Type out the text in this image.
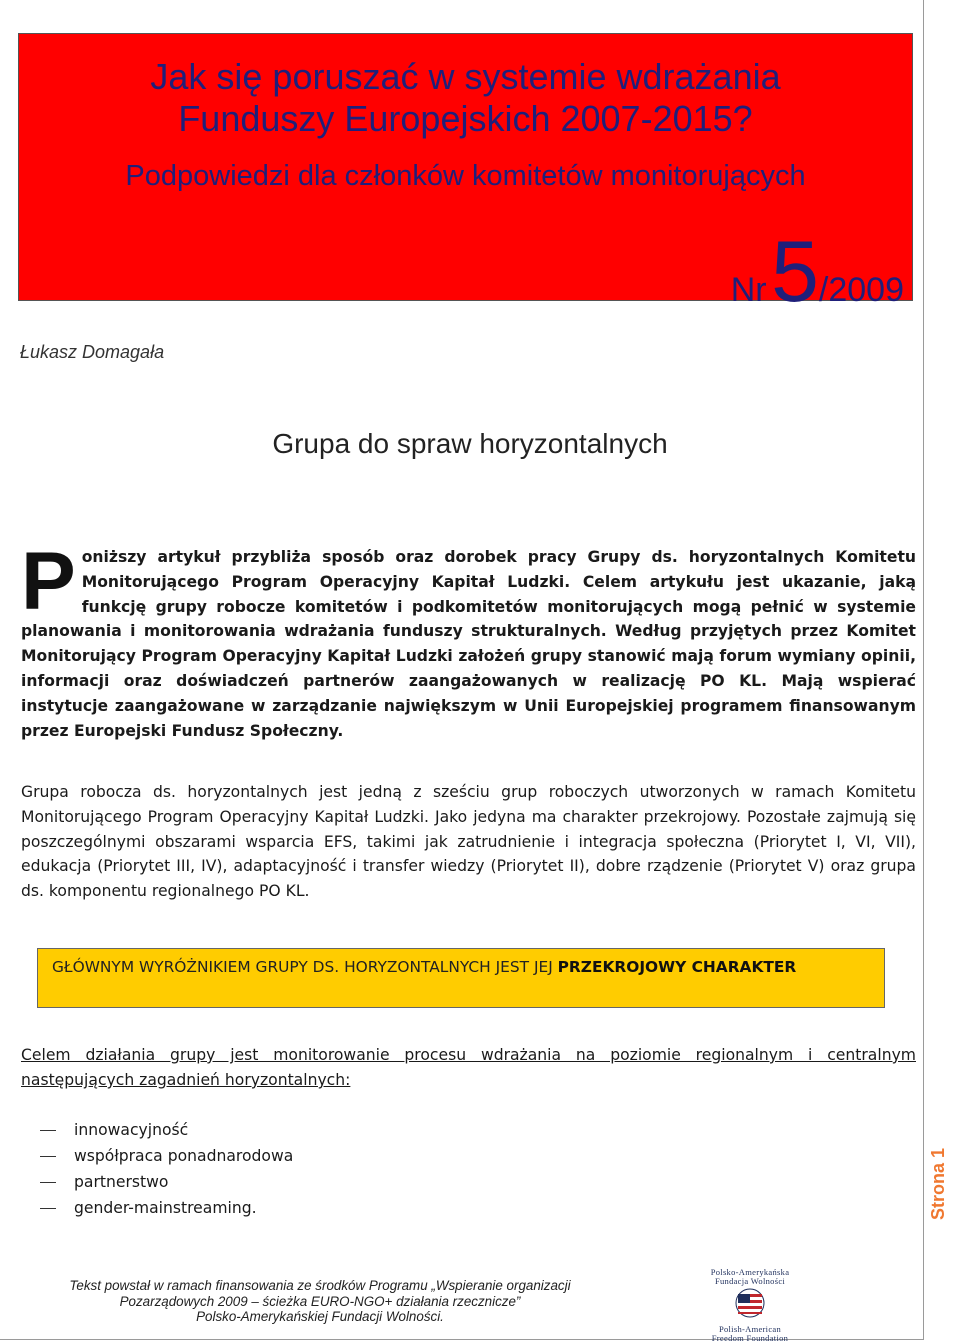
Jak się poruszać w systemie wdrażania
Funduszy Europejskich 2007-2015?
Podpowiedzi dla członków komitetów monitorujących
Nr 5/2009
Łukasz Domagała
Grupa do spraw horyzontalnych
Poniższy artykuł przybliża sposób oraz dorobek pracy Grupy ds. horyzontalnych Komitetu Monitorującego Program Operacyjny Kapitał Ludzki. Celem artykułu jest ukazanie, jaką funkcję grupy robocze komitetów i podkomitetów monitorujących mogą pełnić w systemie planowania i monitorowania wdrażania funduszy strukturalnych. Według przyjętych przez Komitet Monitorujący Program Operacyjny Kapitał Ludzki założeń grupy stanowić mają forum wymiany opinii, informacji oraz doświadczeń partnerów zaangażowanych w realizację PO KL. Mają wspierać instytucje zaangażowane w zarządzanie największym w Unii Europejskiej programem finansowanym przez Europejski Fundusz Społeczny.
Grupa robocza ds. horyzontalnych jest jedną z sześciu grup roboczych utworzonych w ramach Komitetu Monitorującego Program Operacyjny Kapitał Ludzki. Jako jedyna ma charakter przekrojowy. Pozostałe zajmują się poszczególnymi obszarami wsparcia EFS, takimi jak zatrudnienie i integracja społeczna (Priorytet I, VI, VII), edukacja (Priorytet III, IV), adaptacyjność i transfer wiedzy (Priorytet II), dobre rządzenie (Priorytet V) oraz grupa ds. komponentu regionalnego PO KL.
GŁÓWNYM WYRÓŻNIKIEM GRUPY DS. HORYZONTALNYCH JEST JEJ PRZEKROJOWY CHARAKTER
Celem działania grupy jest monitorowanie procesu wdrażania na poziomie regionalnym i centralnym następujących zagadnień horyzontalnych:
innowacyjność
współpraca ponadnarodowa
partnerstwo
gender-mainstreaming.	Strona 1
Tekst powstał w ramach finansowania ze środków Programu „Wspieranie organizacji
Pozarządowych 2009 – ścieżka EURO-NGO+ działania rzecznicze”
Polsko-Amerykańskiej Fundacji Wolności.
Polsko-Amerykańska
Fundacja Wolności
Polish-American
Freedom Foundation
